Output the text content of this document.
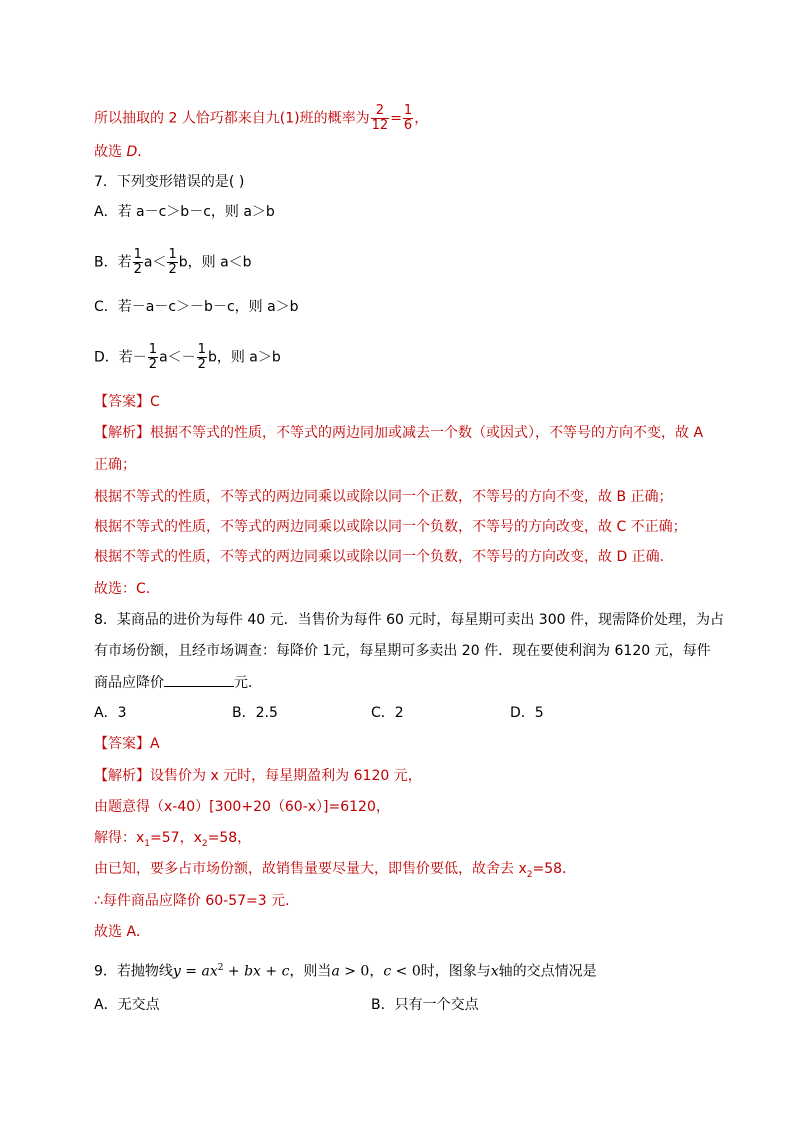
所以抽取的 2 人恰巧都来自九(1)班的概率为 $\frac{2}{12} = \frac{1}{6}$ ，
故选 D．
7．下列变形错误的是( )
A．若 a－c＞b－c，则 a＞b
B．若 $\frac{1}{2} a< \frac{1}{2}$ b，则 a＜b
C．若－a－c＞－b－c，则 a＞b
D．若－ $\frac{1}{2} a<- \frac{1}{2}$ b，则 a＞b
【答案】C
【解析】根据不等式的性质，不等式的两边同加或减去一个数（或因式），不等号的方向不变，故 A
正确；
根据不等式的性质，不等式的两边同乘以或除以同一个正数，不等号的方向不变，故 B 正确；
根据不等式的性质，不等式的两边同乘以或除以同一个负数，不等号的方向改变，故 C 不正确；
根据不等式的性质，不等式的两边同乘以或除以同一个负数，不等号的方向改变，故 D 正确.
故选：C.
8．某商品的进价为每件 40 元．当售价为每件 60 元时，每星期可卖出 300 件，现需降价处理，为占
有市场份额，且经市场调查：每降价 1元，每星期可多卖出 20 件．现在要使利润为 6120 元，每件
商品应降价	元．
A．3	B．2.5	C．2	D．5
【答案】A
【解析】设售价为 x 元时，每星期盈利为 6120 元，
由题意得（x-40）[300+20（60-x）]=6120，
解得：$x_1=57$，$x_2=58$，
由已知，要多占市场份额，故销售量要尽量大，即售价要低，故舍去 $x_2=58$．
∴每件商品应降价 60-57=3 元．
故选 A．
9．若抛物线$y = ax^2$ + bx + c，则当a > 0，c < 0时，图象与x轴的交点情况是
A．无交点	B．只有一个交点
